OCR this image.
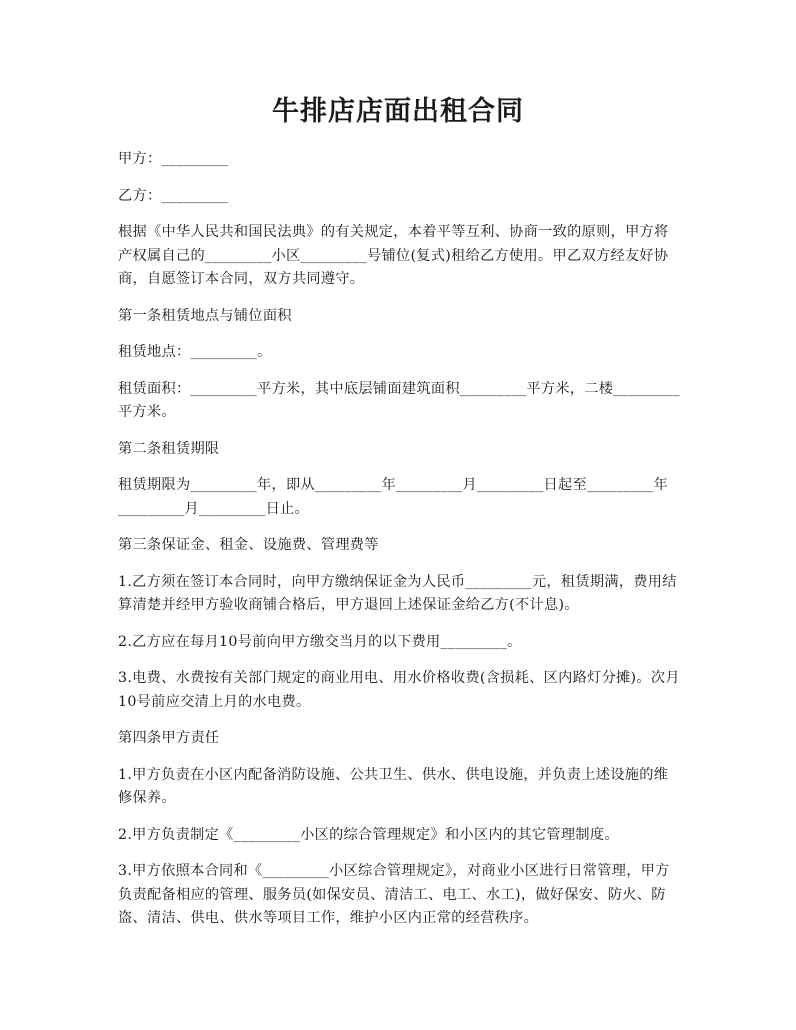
牛排店店面出租合同

甲方：_________

乙方：_________

根据《中华人民共和国民法典》的有关规定，本着平等互利、协商一致的原则，甲方将产权属自己的_________小区_________号铺位(复式)租给乙方使用。甲乙双方经友好协商，自愿签订本合同，双方共同遵守。

第一条租赁地点与铺位面积

租赁地点：_________。

租赁面积：_________平方米，其中底层铺面建筑面积_________平方米，二楼_________平方米。

第二条租赁期限

租赁期限为_________年，即从_________年_________月_________日起至_________年_________月_________日止。

第三条保证金、租金、设施费、管理费等

1.乙方须在签订本合同时，向甲方缴纳保证金为人民币_________元，租赁期满，费用结算清楚并经甲方验收商铺合格后，甲方退回上述保证金给乙方(不计息)。

2.乙方应在每月10号前向甲方缴交当月的以下费用_________。

3.电费、水费按有关部门规定的商业用电、用水价格收费(含损耗、区内路灯分摊)。次月10号前应交清上月的水电费。

第四条甲方责任

1.甲方负责在小区内配备消防设施、公共卫生、供水、供电设施，并负责上述设施的维修保养。

2.甲方负责制定《_________小区的综合管理规定》和小区内的其它管理制度。

3.甲方依照本合同和《_________小区综合管理规定》，对商业小区进行日常管理，甲方负责配备相应的管理、服务员(如保安员、清洁工、电工、水工)，做好保安、防火、防盗、清洁、供电、供水等项目工作，维护小区内正常的经营秩序。
